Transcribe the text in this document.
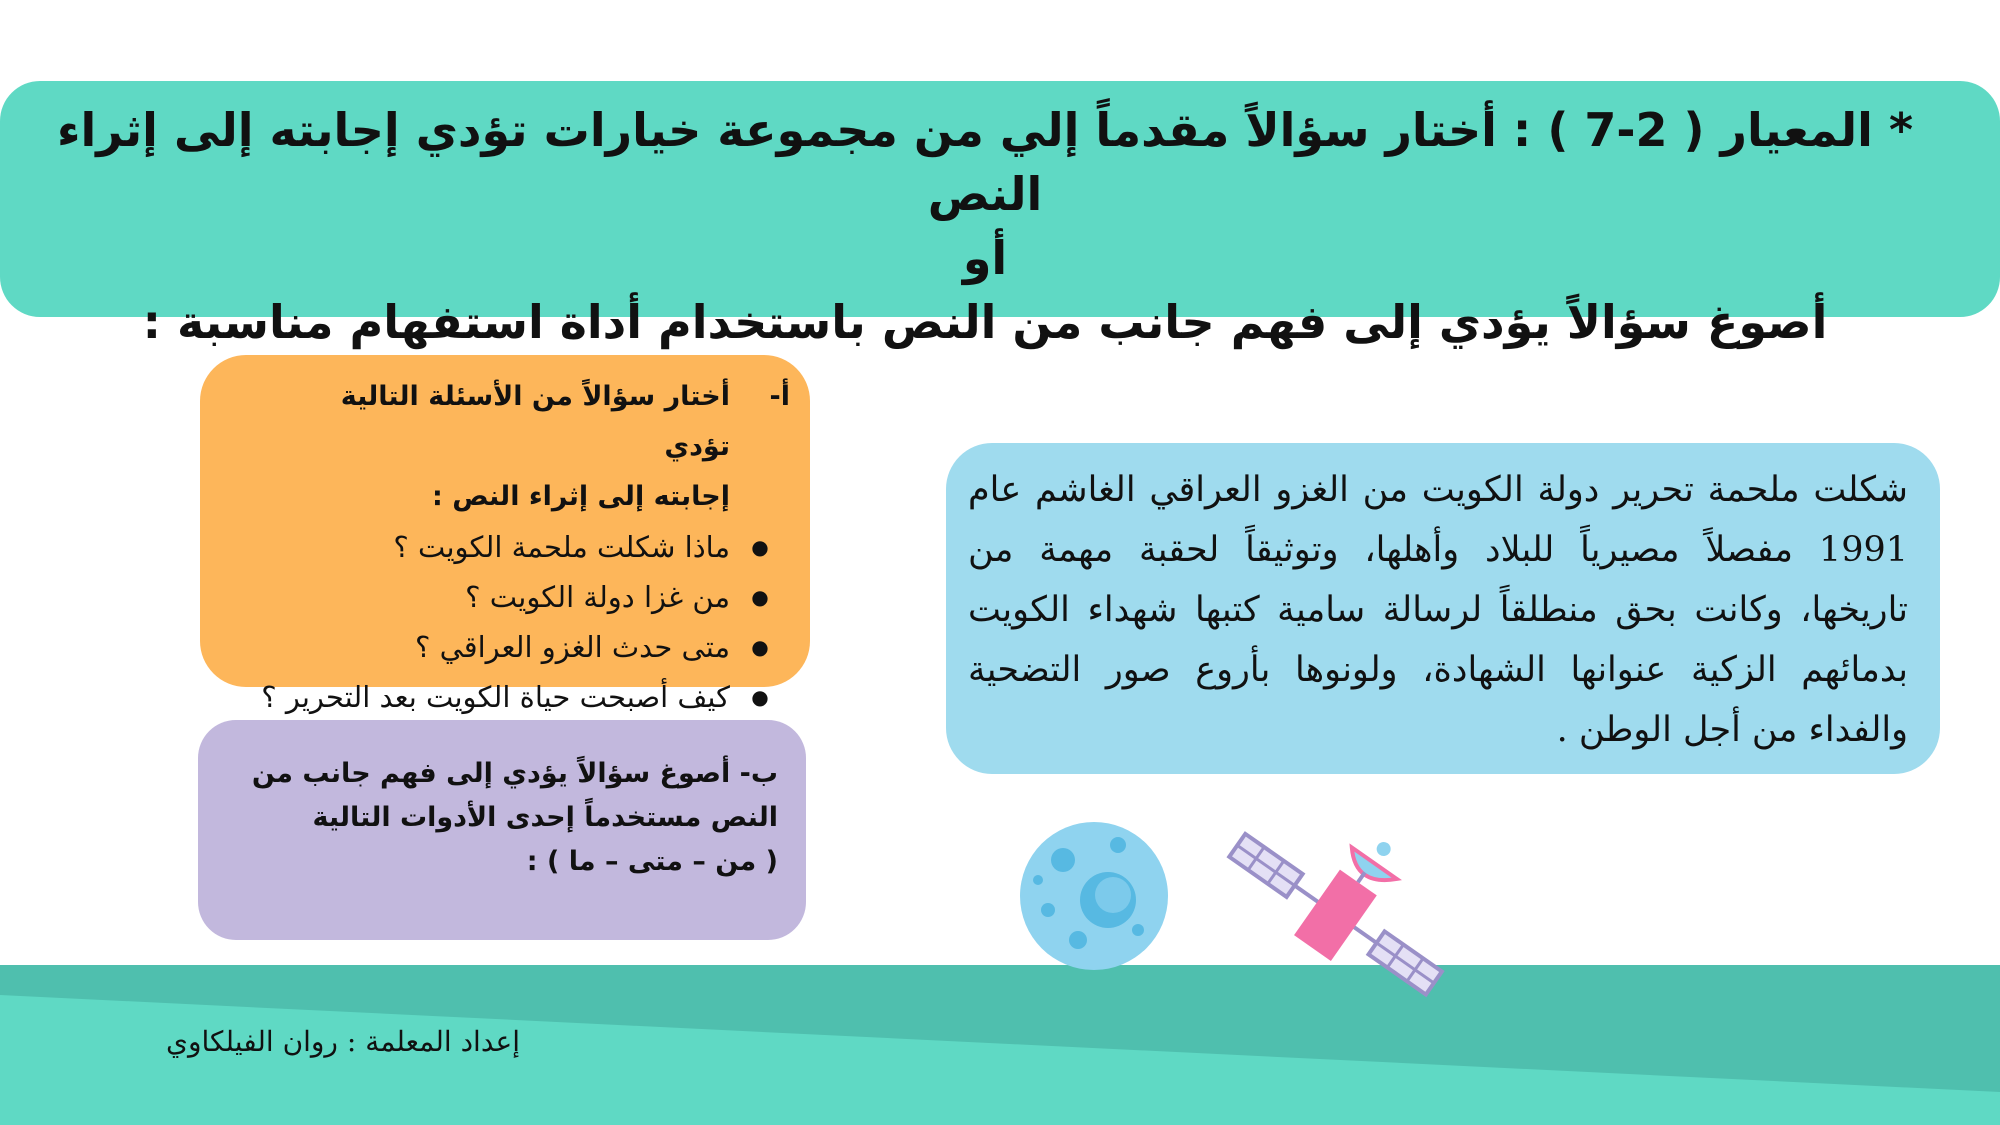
* المعيار ( 2-7 ) : أختار سؤالاً مقدماً إلي من مجموعة خيارات تؤدي إجابته إلى إثراء النص
أو
أصوغ سؤالاً يؤدي إلى فهم جانب من النص باستخدام أداة استفهام مناسبة :
شكلت ملحمة تحرير دولة الكويت من الغزو العراقي الغاشم عام 1991 مفصلاً مصيرياً للبلاد وأهلها، وتوثيقاً لحقبة مهمة من تاريخها، وكانت بحق منطلقاً لرسالة سامية كتبها شهداء الكويت بدمائهم الزكية عنوانها الشهادة، ولونوها بأروع صور التضحية والفداء من أجل الوطن .
أ-
أختار سؤالاً من الأسئلة التالية تؤدي
إجابته إلى إثراء النص :
●
ماذا شكلت ملحمة الكويت ؟
●
من غزا دولة الكويت ؟
●
متى حدث الغزو العراقي ؟
●
كيف أصبحت حياة الكويت بعد التحرير ؟
ب- أصوغ سؤالاً يؤدي إلى فهم جانب من
النص مستخدماً إحدى الأدوات التالية
( من – متى – ما ) :
إعداد المعلمة : روان الفيلكاوي
